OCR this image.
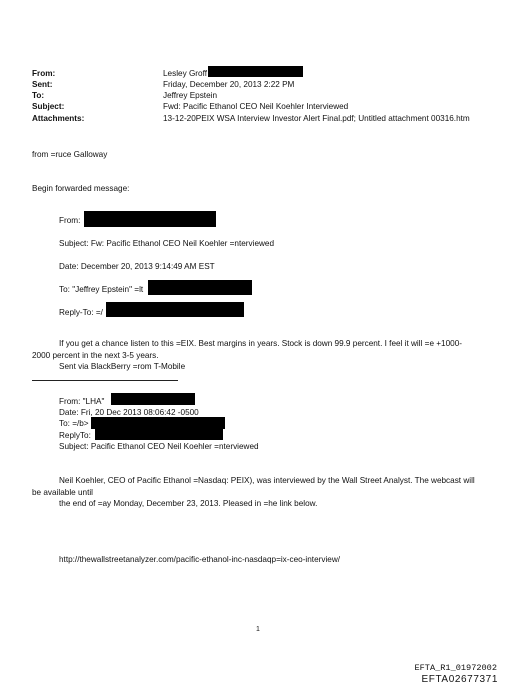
From:	Lesley Groff
Sent:	Friday, December 20, 2013 2:22 PM
To:	Jeffrey Epstein
Subject:	Fwd: Pacific Ethanol CEO Neil Koehler Interviewed
Attachments:	13-12-20PEIX WSA Interview Investor Alert Final.pdf; Untitled attachment 00316.htm
from =ruce Galloway
Begin forwarded message:
From:
Subject: Fw: Pacific Ethanol CEO Neil Koehler =nterviewed
Date: December 20, 2013 9:14:49 AM EST
To: "Jeffrey Epstein" =lt
Reply-To: =/
If you get a chance listen to this =EIX. Best margins in years. Stock is down 99.9 percent. I feel it will =e +1000-
2000 percent in the next 3-5 years.
Sent via BlackBerry =rom T-Mobile
From: "LHA"
Date: Fri, 20 Dec 2013 08:06:42 -0500
To: =/b>
ReplyTo:
Subject: Pacific Ethanol CEO Neil Koehler =nterviewed
Neil Koehler, CEO of Pacific Ethanol =Nasdaq: PEIX), was interviewed by the Wall Street Analyst. The webcast will
be available until
the end of =ay Monday, December 23, 2013. Pleased in =he link below.
http://thewallstreetanalyzer.com/pacific-ethanol-inc-nasdaqp=ix-ceo-interview/
1
EFTA_R1_01972002
EFTA02677371
